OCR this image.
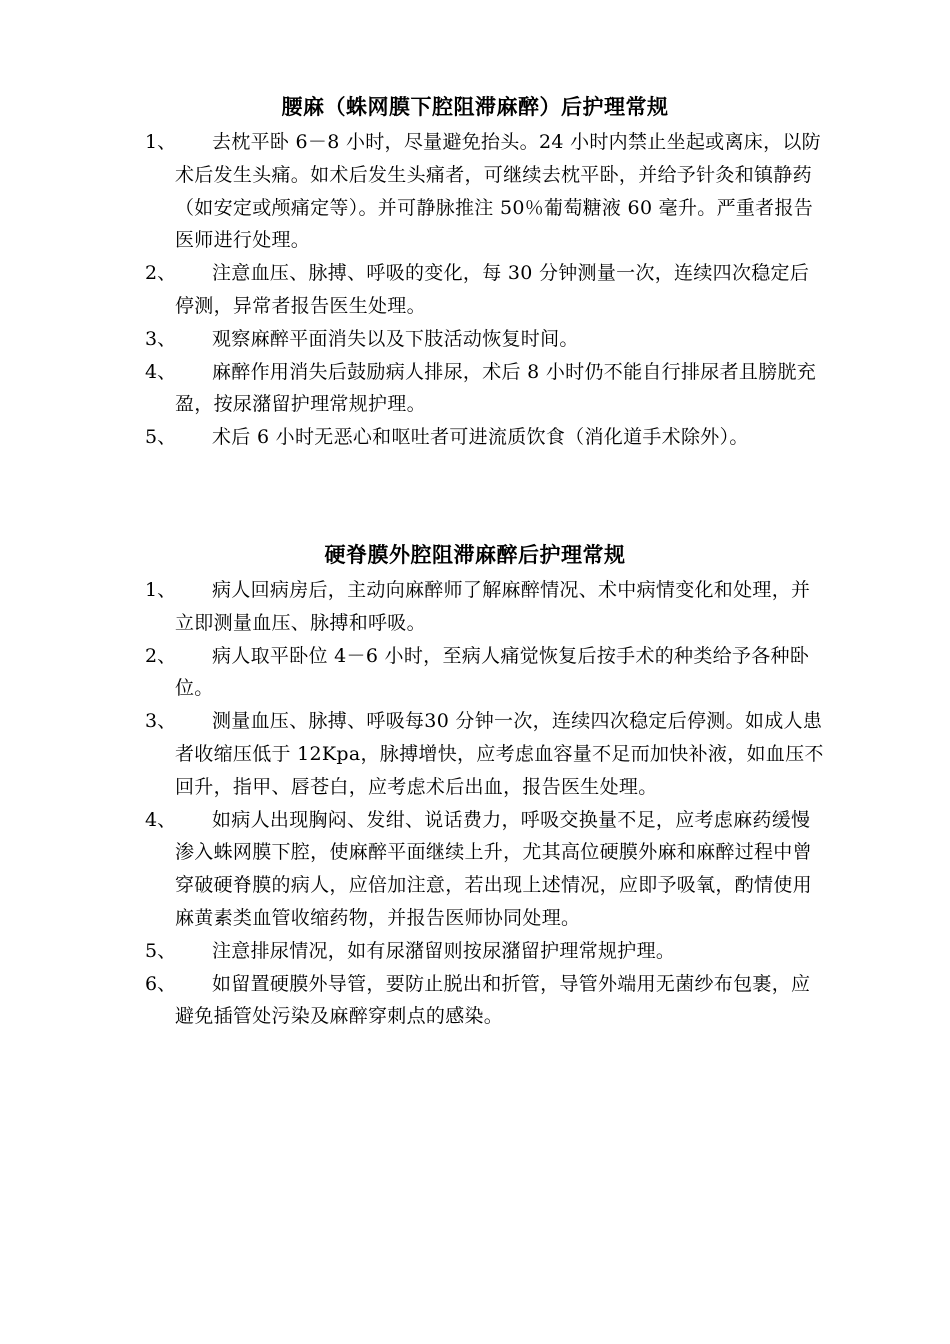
腰麻（蛛网膜下腔阻滞麻醉）后护理常规
1、	去枕平卧 6－8 小时，尽量避免抬头。24 小时内禁止坐起或离床，以防术后发生头痛。如术后发生头痛者，可继续去枕平卧，并给予针灸和镇静药（如安定或颅痛定等）。并可静脉推注 50％葡萄糖液 60 毫升。严重者报告医师进行处理。
2、	注意血压、脉搏、呼吸的变化，每 30 分钟测量一次，连续四次稳定后停测，异常者报告医生处理。
3、	观察麻醉平面消失以及下肢活动恢复时间。
4、	麻醉作用消失后鼓励病人排尿，术后 8 小时仍不能自行排尿者且膀胱充盈，按尿潴留护理常规护理。
5、	术后 6 小时无恶心和呕吐者可进流质饮食（消化道手术除外）。
硬脊膜外腔阻滞麻醉后护理常规
1、	病人回病房后，主动向麻醉师了解麻醉情况、术中病情变化和处理，并立即测量血压、脉搏和呼吸。
2、	病人取平卧位 4－6 小时，至病人痛觉恢复后按手术的种类给予各种卧位。
3、	测量血压、脉搏、呼吸每30 分钟一次，连续四次稳定后停测。如成人患者收缩压低于 12Kpa，脉搏增快，应考虑血容量不足而加快补液，如血压不回升，指甲、唇苍白，应考虑术后出血，报告医生处理。
4、	如病人出现胸闷、发绀、说话费力，呼吸交换量不足，应考虑麻药缓慢渗入蛛网膜下腔，使麻醉平面继续上升，尤其高位硬膜外麻和麻醉过程中曾穿破硬脊膜的病人，应倍加注意，若出现上述情况，应即予吸氧，酌情使用麻黄素类血管收缩药物，并报告医师协同处理。
5、	注意排尿情况，如有尿潴留则按尿潴留护理常规护理。
6、	如留置硬膜外导管，要防止脱出和折管，导管外端用无菌纱布包裹，应避免插管处污染及麻醉穿刺点的感染。
